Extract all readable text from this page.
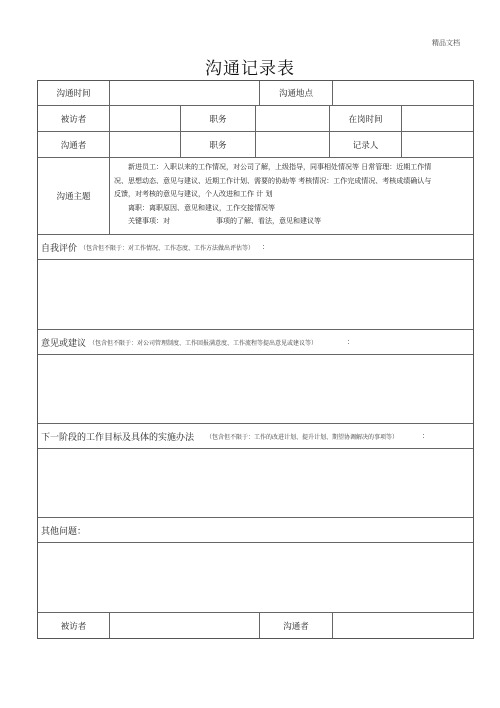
精品文档
沟通记录表
沟通时间	沟通地点
被访者	职务	在岗时间
沟通者	职务	记录人
沟通主题

新进员工：入职以来的工作情况，对公司了解，上级指导，同事相处情况等 日常管理：近期工作情

况、思想动态、意见与建议、近期工作计划、需要的协助等 考核情况：工作完成情况、考核成绩确认与

反馈，对考核的意见与建议，个人改进和工作 计 划

离职：离职原因、意见和建议，工作交接情况等

关键事项：对	事项的了解、看法，意见和建议等

自我评价 （包含但不限于：对工作情况、工作态度、工作方法做出评估等） ：
意见或建议 （包含但不限于：对公司管理制度、工作回报满意度、工作流程等提出意见或建议等）	：
下一阶段的工作目标及具体的实施办法 （包含但不限于：工作的改进计划、提升计划、期望协调解决的事项等）	：
其他问题：
被访者	沟通者
